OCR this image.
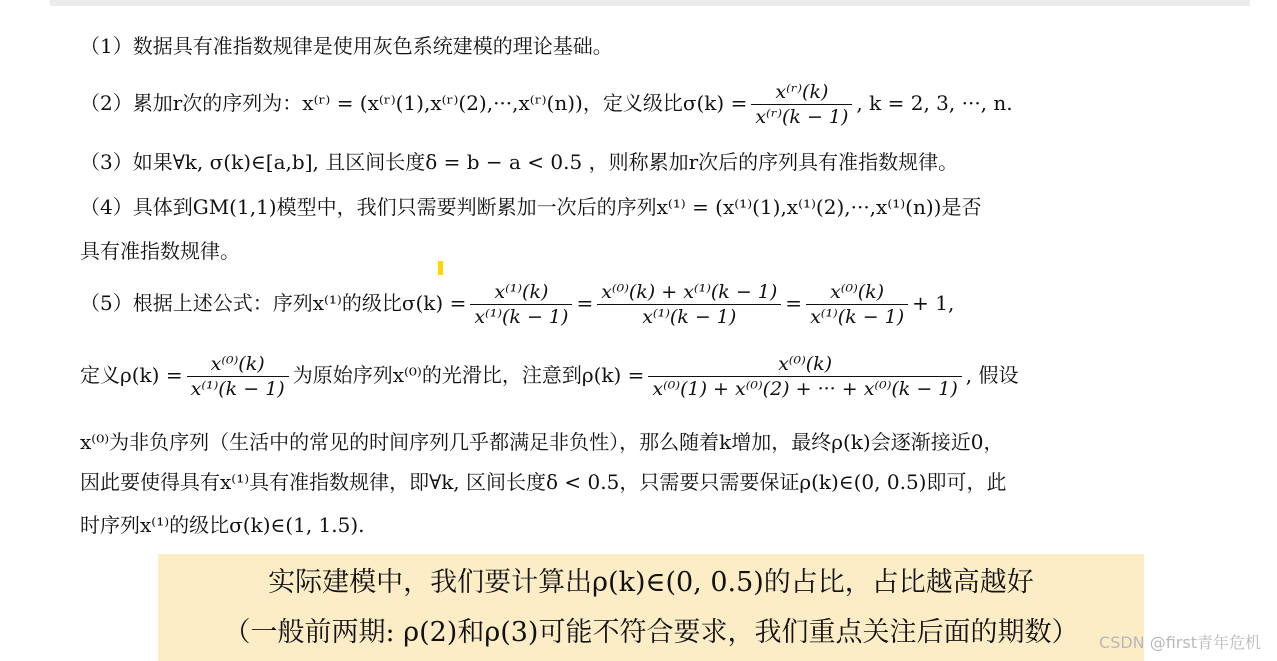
（1）数据具有准指数规律是使用灰色系统建模的理论基础。
（2）累加r次的序列为：x⁽ʳ⁾ = (x⁽ʳ⁾(1),x⁽ʳ⁾(2),···,x⁽ʳ⁾(n))，定义级比$\sigma(k) = \frac{\text{x⁽ʳ⁾(k)}}{\text{x⁽ʳ⁾(k − 1)}}$ , k = 2, 3, ···, n.
（3）如果∀k, σ(k)∈[a,b], 且区间长度δ = b − a < 0.5 ，则称累加r次后的序列具有准指数规律。
（4）具体到GM(1,1)模型中，我们只需要判断累加一次后的序列x⁽¹⁾ = (x⁽¹⁾(1),x⁽¹⁾(2),···,x⁽¹⁾(n))是否
具有准指数规律。
（5）根据上述公式：序列x⁽¹⁾的级比$\sigma(k) = \frac{\text{x⁽¹⁾(k)}}{\text{x⁽¹⁾(k − 1)}} = \frac{\text{x⁽⁰⁾(k) + x⁽¹⁾(k − 1)}}{\text{x⁽¹⁾(k − 1)}} = \frac{\text{x⁽⁰⁾(k)}}{\text{x⁽¹⁾(k − 1)}} + 1$,
定义$\rho(k) = \frac{\text{x⁽⁰⁾(k)}}{\text{x⁽¹⁾(k − 1)}}$ 为原始序列x⁽⁰⁾的光滑比，注意到$\rho(k) = \frac{\text{x⁽⁰⁾(k)}}{\text{x⁽⁰⁾(1) + x⁽⁰⁾(2) + ··· + x⁽⁰⁾(k − 1)}}$ , 假设
x⁽⁰⁾为非负序列（生活中的常见的时间序列几乎都满足非负性），那么随着k增加，最终ρ(k)会逐渐接近0，
因此要使得具有x⁽¹⁾具有准指数规律，即∀k, 区间长度δ < 0.5，只需要只需要保证ρ(k)∈(0, 0.5)即可，此
时序列x⁽¹⁾的级比σ(k)∈(1, 1.5).
实际建模中，我们要计算出ρ(k)∈(0, 0.5)的占比，占比越高越好
（一般前两期: ρ(2)和ρ(3)可能不符合要求，我们重点关注后面的期数）	CSDN @first青年危机
